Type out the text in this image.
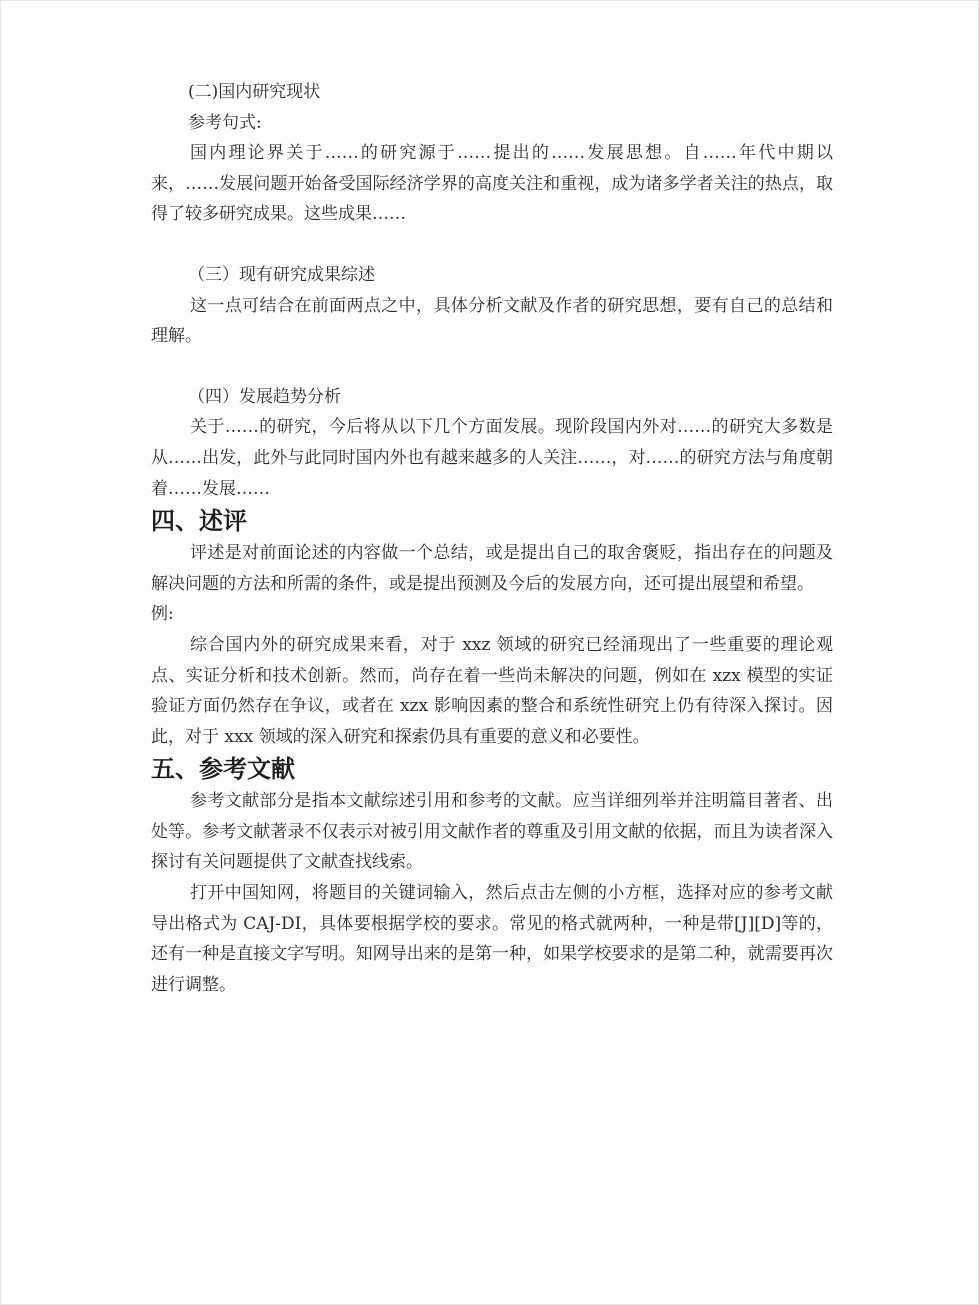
(二)国内研究现状

参考句式:

国内理论界关于……的研究源于……提出的……发展思想。自……年代中期以来，……发展问题开始备受国际经济学界的高度关注和重视，成为诸多学者关注的热点，取得了较多研究成果。这些成果……

（三）现有研究成果综述

这一点可结合在前面两点之中，具体分析文献及作者的研究思想，要有自己的总结和理解。

（四）发展趋势分析

关于……的研究，今后将从以下几个方面发展。现阶段国内外对……的研究大多数是从……出发，此外与此同时国内外也有越来越多的人关注……，对……的研究方法与角度朝着……发展……

四、述评

评述是对前面论述的内容做一个总结，或是提出自己的取舍褒贬，指出存在的问题及解决问题的方法和所需的条件，或是提出预测及今后的发展方向，还可提出展望和希望。

例:

综合国内外的研究成果来看，对于 xxz 领域的研究已经涌现出了一些重要的理论观点、实证分析和技术创新。然而，尚存在着一些尚未解决的问题，例如在 xzx 模型的实证验证方面仍然存在争议，或者在 xzx 影响因素的整合和系统性研究上仍有待深入探讨。因此，对于 xxx 领域的深入研究和探索仍具有重要的意义和必要性。

五、参考文献

参考文献部分是指本文献综述引用和参考的文献。应当详细列举并注明篇目著者、出处等。参考文献著录不仅表示对被引用文献作者的尊重及引用文献的依据，而且为读者深入探讨有关问题提供了文献查找线索。

打开中国知网，将题目的关键词输入，然后点击左侧的小方框，选择对应的参考文献导出格式为 CAJ-DI，具体要根据学校的要求。常见的格式就两种，一种是带[J][D]等的，还有一种是直接文字写明。知网导出来的是第一种，如果学校要求的是第二种，就需要再次进行调整。
